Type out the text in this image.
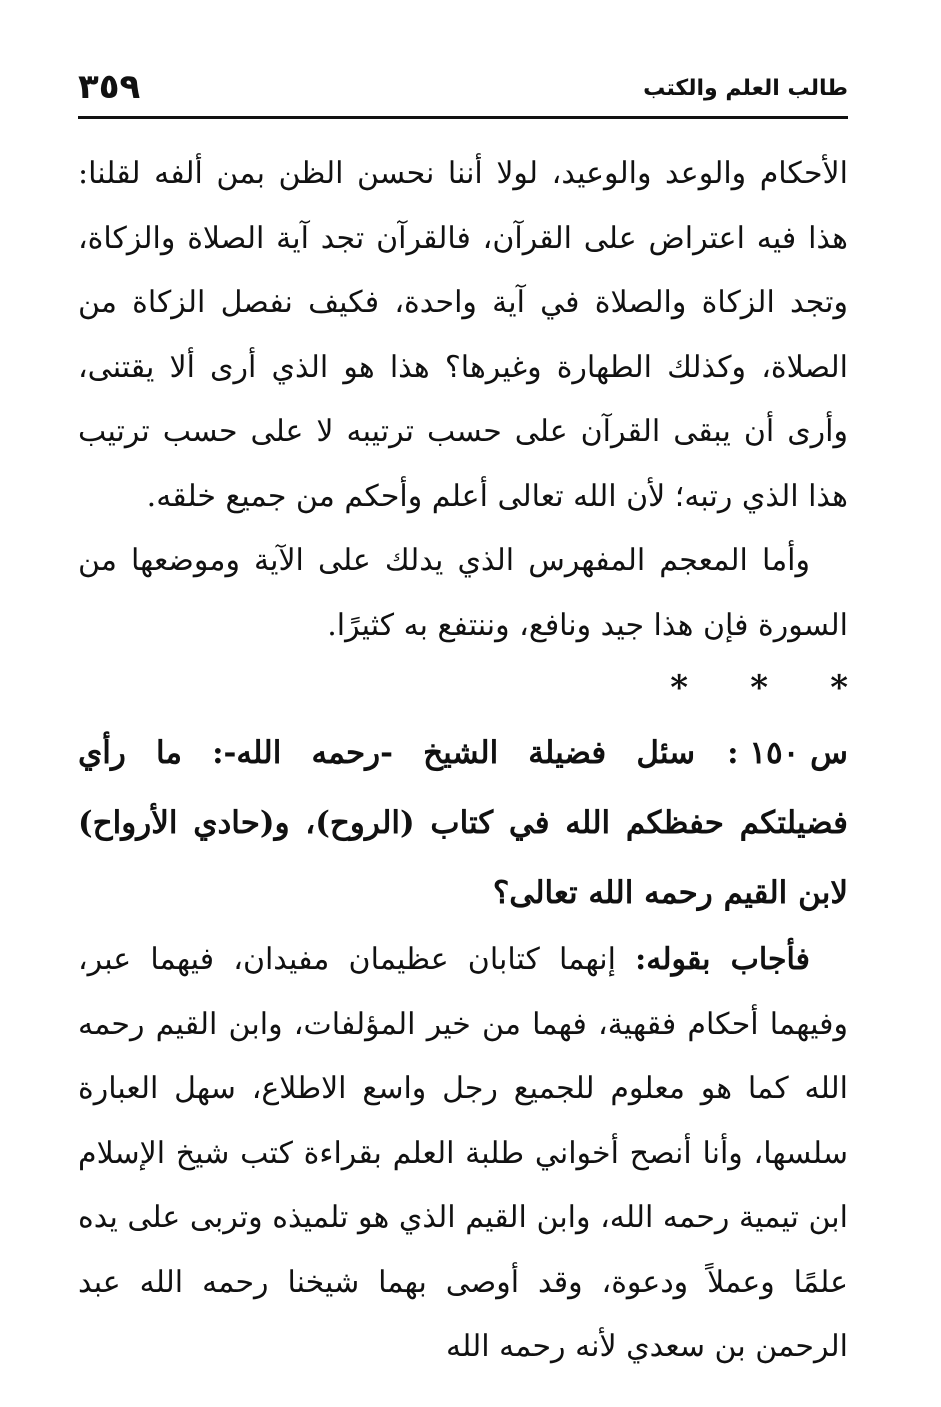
طالب العلم والكتب
٣٥٩

الأحكام والوعد والوعيد، لولا أننا نحسن الظن بمن ألفه لقلنا: هذا فيه اعتراض على القرآن، فالقرآن تجد آية الصلاة والزكاة، وتجد الزكاة والصلاة في آية واحدة، فكيف نفصل الزكاة من الصلاة، وكذلك الطهارة وغيرها؟ هذا هو الذي أرى ألا يقتنى، وأرى أن يبقى القرآن على حسب ترتيبه لا على حسب ترتيب هذا الذي رتبه؛ لأن الله تعالى أعلم وأحكم من جميع خلقه.

وأما المعجم المفهرس الذي يدلك على الآية وموضعها من السورة فإن هذا جيد ونافع، وننتفع به كثيرًا.

* * *

س ١٥٠ :سئل فضيلة الشيخ -رحمه الله-: ما رأي فضيلتكم حفظكم الله في كتاب (الروح)، و(حادي الأرواح) لابن القيم رحمه الله تعالى؟

فأجاب بقوله: إنهما كتابان عظيمان مفيدان، فيهما عبر، وفيهما أحكام فقهية، فهما من خير المؤلفات، وابن القيم رحمه الله كما هو معلوم للجميع رجل واسع الاطلاع، سهل العبارة سلسها، وأنا أنصح أخواني طلبة العلم بقراءة كتب شيخ الإسلام ابن تيمية رحمه الله، وابن القيم الذي هو تلميذه وتربى على يده علمًا وعملاً ودعوة، وقد أوصى بهما شيخنا رحمه الله عبد الرحمن بن سعدي لأنه رحمه الله
